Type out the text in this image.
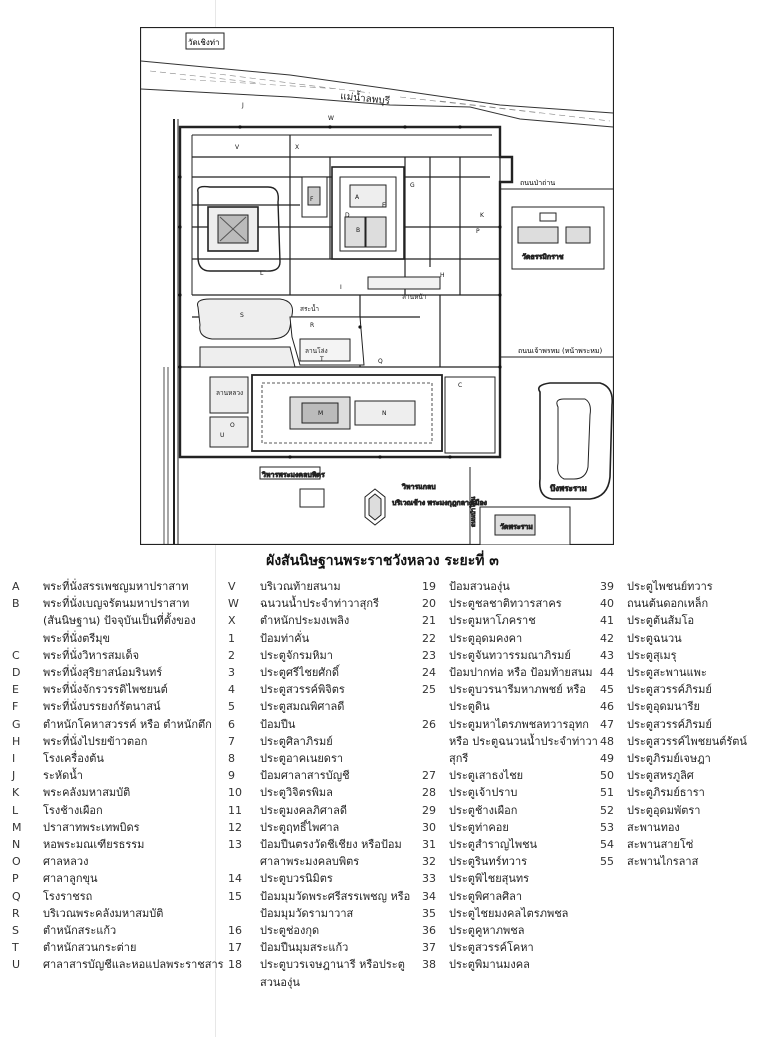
แม่น้ำลพบุรี
วัดเชิงท่า
วัดธรรมิกราช
ถนนป่าถ่าน
ถนนเจ้าพรหม (หน้าพระหม)
บึงพระราม
วิหารพระมงคลบพิตร
บริเวณช้าง พระมงกุฎกลางเมือง
วิหารแกลบ
วัดพระราม
ถนนป่าโทน
สระน้ำ
ลานโล่ง
ลานหลวง
ลานหน้า
V
W
X
A
B
C
D
E
F
G
H
I
J
K
L
M	N
O
P
Q
R
S
T
U
ผังสันนิษฐานพระราชวังหลวง ระยะที่ ๓
A	พระที่นั่งสรรเพชญมหาปราสาท
B	พระที่นั่งเบญจรัตนมหาปราสาท
(สันนิษฐาน) ปัจจุบันเป็นที่ตั้งของ
พระที่นั่งตรีมุข
C	พระที่นั่งวิหารสมเด็จ
D	พระที่นั่งสุริยาสน์อมรินทร์
E	พระที่นั่งจักรวรรดิไพชยนต์
F	พระที่นั่งบรรยงก์รัตนาสน์
G	ตำหนักโคหาสวรรค์ หรือ ตำหนักตึก
H	พระที่นั่งไปรยข้าวตอก
I	โรงเครื่องต้น
J	ระหัดน้ำ
K	พระคลังมหาสมบัติ
L	โรงช้างเผือก
M	ปราสาทพระเทพบิดร
N	หอพระมณเฑียรธรรม
O	ศาลหลวง
P	ศาลาลูกขุน
Q	โรงราชรถ
R	บริเวณพระคลังมหาสมบัติ
S	ตำหนักสระแก้ว
T	ตำหนักสวนกระต่าย
U	ศาลาสารบัญชีและหอแปลพระราชสาร
V	บริเวณท้ายสนาม
W	ฉนวนน้ำประจำท่าวาสุกรี
X	ตำหนักประมงเพลิง
1	ป้อมท่าคั่น
2	ประตูจักรมหิมา
3	ประตูศรีไชยศักดิ์
4	ประตูสวรรค์พิจิตร
5	ประตูสมณพิศาลดี
6	ป้อมปืน
7	ประตูศิลาภิรมย์
8	ประตูอาคเนยดรา
9	ป้อมศาลาสารบัญชี
10	ประตูวิจิตรพิมล
11	ประตูมงคลภิศาลดี
12	ประตูฤทธิ์ไพศาล
13	ป้อมปืนตรงวัดชีเชียง หรือป้อม
ศาลาพระมงคลบพิตร
14	ประตูบวรนิมิตร
15	ป้อมมุมวัดพระศรีสรรเพชญ หรือ
ป้อมมุมวัดรามาวาส
16	ประตูช่องกุด
17	ป้อมปืนมุมสระแก้ว
18	ประตูบวรเจษฎานารี หรือประตู
สวนองุ่น
19	ป้อมสวนองุ่น
20	ประตูชลชาติทวารสาคร
21	ประตูมหาโภคราช
22	ประตูอุดมคงคา
23	ประตูจันทวารรมณาภิรมย์
24	ป้อมปากท่อ หรือ ป้อมท้ายสนม
25	ประตูบวรนารีมหาภพชย์ หรือ
ประตูดิน
26	ประตูมหาไตรภพชลทวารอุทก
หรือ ประตูฉนวนน้ำประจำท่าวา
สุกรี
27	ประตูเสาธงไชย
28	ประตูเจ้าปราบ
29	ประตูช้างเผือก
30	ประตูท่าคอย
31	ประตูสำราญไพชน
32	ประตูรินทร์ทวาร
33	ประตูพิไชยสุนทร
34	ประตูพิศาลศิลา
35	ประตูไชยมงคลไตรภพชล
36	ประตูคูหาภพชล
37	ประตูสวรรค์โคหา
38	ประตูพิมานมงคล
39	ประตูไพชนย์ทวาร
40	ถนนต้นดอกเหล็ก
41	ประตูต้นส้มโอ
42	ประตูฉนวน
43	ประตูสุเมรุ
44	ประตูสะพานแพะ
45	ประตูสวรรค์ภิรมย์
46	ประตูอุดมนารีย
47	ประตูสวรรค์ภิรมย์
48	ประตูสวรรค์ไพชยนต์รัตน์
49	ประตูภิรมย์เจษฎา
50	ประตูสหรภูลิศ
51	ประตูภิรมย์ธารา
52	ประตูอุดมพัตรา
53	สะพานทอง
54	สะพานสายโซ่
55	สะพานไกรลาส
